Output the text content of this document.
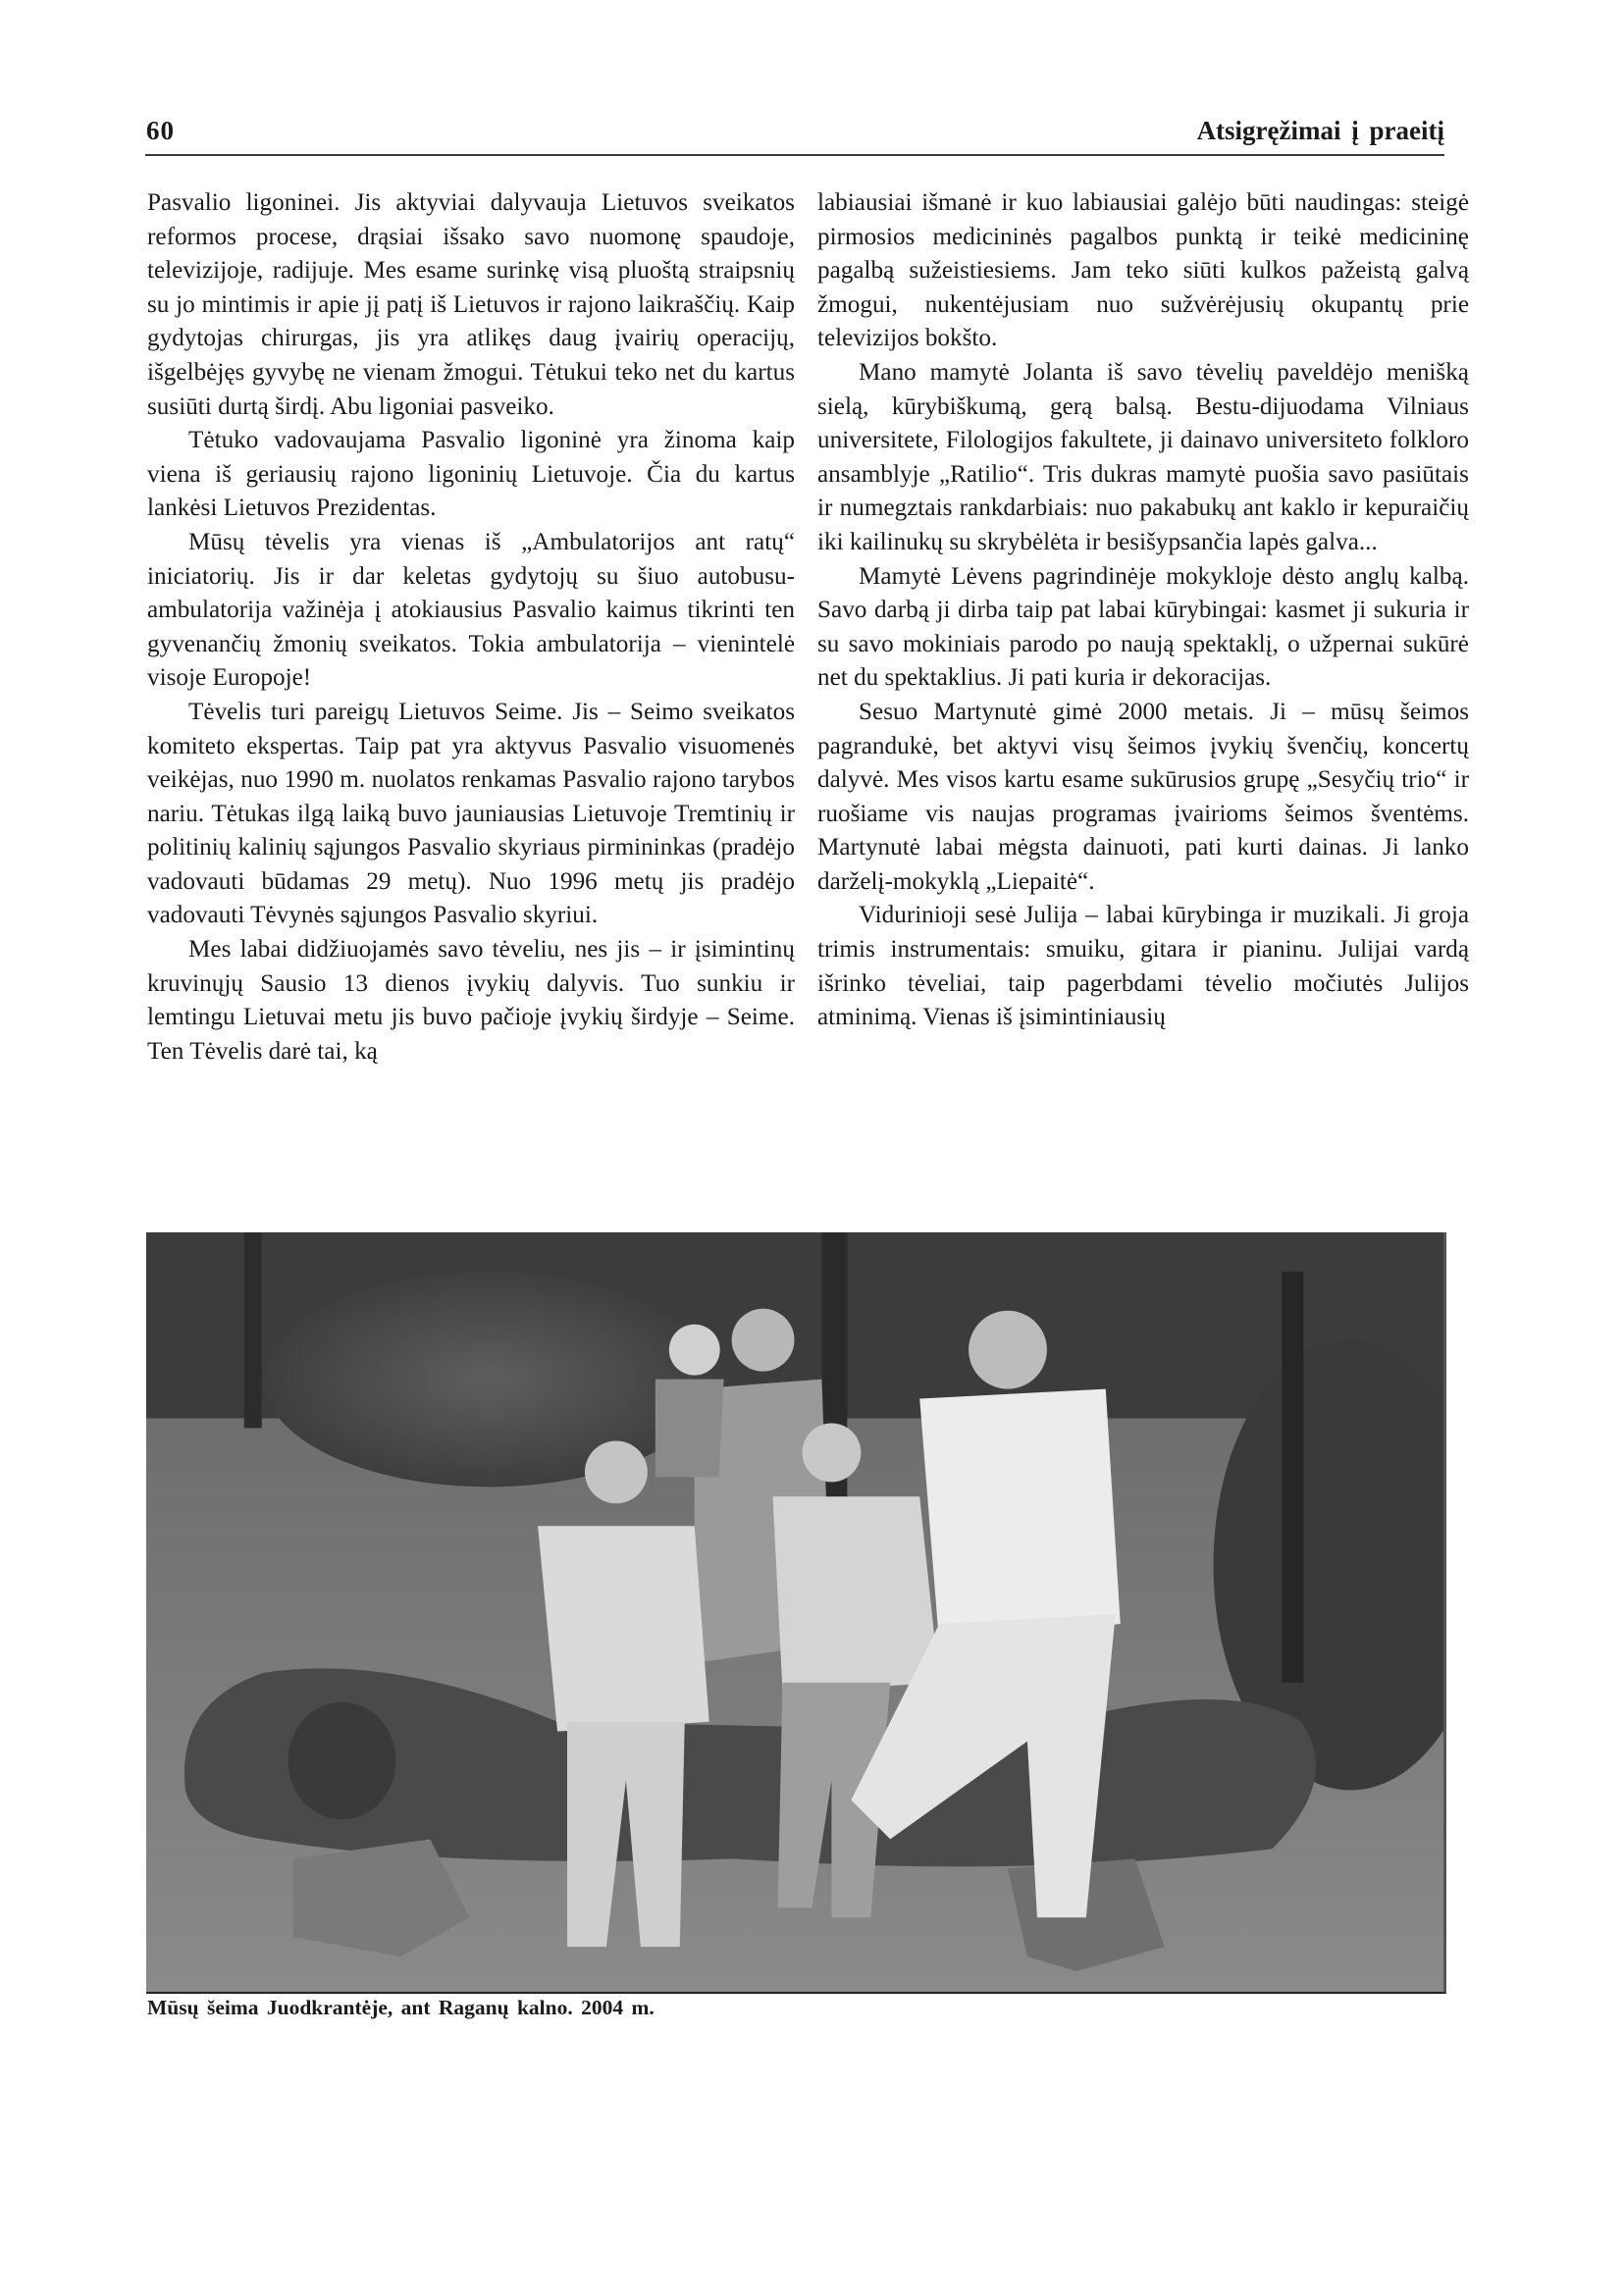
60	Atsigręžimai į praeitį

Pasvalio ligoninei. Jis aktyviai dalyvauja Lietuvos sveikatos reformos procese, drąsiai išsako savo nuomonę spaudoje, televizijoje, radijuje. Mes esame surinkę visą pluoštą straipsnių su jo mintimis ir apie jį patį iš Lietuvos ir rajono laikraščių. Kaip gydytojas chirurgas, jis yra atlikęs daug įvairių operacijų, išgelbėjęs gyvybę ne vienam žmogui. Tėtukui teko net du kartus susiūti durtą širdį. Abu ligoniai pasveiko.

Tėtuko vadovaujama Pasvalio ligoninė yra žinoma kaip viena iš geriausių rajono ligoninių Lietuvoje. Čia du kartus lankėsi Lietuvos Prezidentas.

Mūsų tėvelis yra vienas iš „Ambulatorijos ant ratų“ iniciatorių. Jis ir dar keletas gydytojų su šiuo autobusu-ambulatorija važinėja į atokiausius Pasvalio kaimus tikrinti ten gyvenančių žmonių sveikatos. Tokia ambulatorija – vienintelė visoje Europoje!

Tėvelis turi pareigų Lietuvos Seime. Jis – Seimo sveikatos komiteto ekspertas. Taip pat yra aktyvus Pasvalio visuomenės veikėjas, nuo 1990 m. nuolatos renkamas Pasvalio rajono tarybos nariu. Tėtukas ilgą laiką buvo jauniausias Lietuvoje Tremtinių ir politinių kalinių sąjungos Pasvalio skyriaus pirmininkas (pradėjo vadovauti būdamas 29 metų). Nuo 1996 metų jis pradėjo vadovauti Tėvynės sąjungos Pasvalio skyriui.

Mes labai didžiuojamės savo tėveliu, nes jis – ir įsimintinų kruvinųjų Sausio 13 dienos įvykių dalyvis. Tuo sunkiu ir lemtingu Lietuvai metu jis buvo pačioje įvykių širdyje – Seime. Ten Tėvelis darė tai, ką

labiausiai išmanė ir kuo labiausiai galėjo būti naudingas: steigė pirmosios medicininės pagalbos punktą ir teikė medicininę pagalbą sužeistiesiems. Jam teko siūti kulkos pažeistą galvą žmogui, nukentėjusiam nuo sužvėrėjusių okupantų prie televizijos bokšto.

Mano mamytė Jolanta iš savo tėvelių paveldėjo menišką sielą, kūrybiškumą, gerą balsą. Bestu-dijuodama Vilniaus universitete, Filologijos fakultete, ji dainavo universiteto folkloro ansamblyje „Ratilio“. Tris dukras mamytė puošia savo pasiūtais ir numegztais rankdarbiais: nuo pakabukų ant kaklo ir kepuraičių iki kailinukų su skrybėlėta ir besišypsančia lapės galva...

Mamytė Lėvens pagrindinėje mokykloje dėsto anglų kalbą. Savo darbą ji dirba taip pat labai kūrybingai: kasmet ji sukuria ir su savo mokiniais parodo po naują spektaklį, o užpernai sukūrė net du spektaklius. Ji pati kuria ir dekoracijas.

Sesuo Martynutė gimė 2000 metais. Ji – mūsų šeimos pagrandukė, bet aktyvi visų šeimos įvykių švenčių, koncertų dalyvė. Mes visos kartu esame sukūrusios grupę „Sesyčių trio“ ir ruošiame vis naujas programas įvairioms šeimos šventėms. Martynutė labai mėgsta dainuoti, pati kurti dainas. Ji lanko darželį-mokyklą „Liepaitė“.

Vidurinioji sesė Julija – labai kūrybinga ir muzikali. Ji groja trimis instrumentais: smuiku, gitara ir pianinu. Julijai vardą išrinko tėveliai, taip pagerbdami tėvelio močiutės Julijos atminimą. Vienas iš įsimintiniausių

Mūsų šeima Juodkrantėje, ant Raganų kalno. 2004 m.
